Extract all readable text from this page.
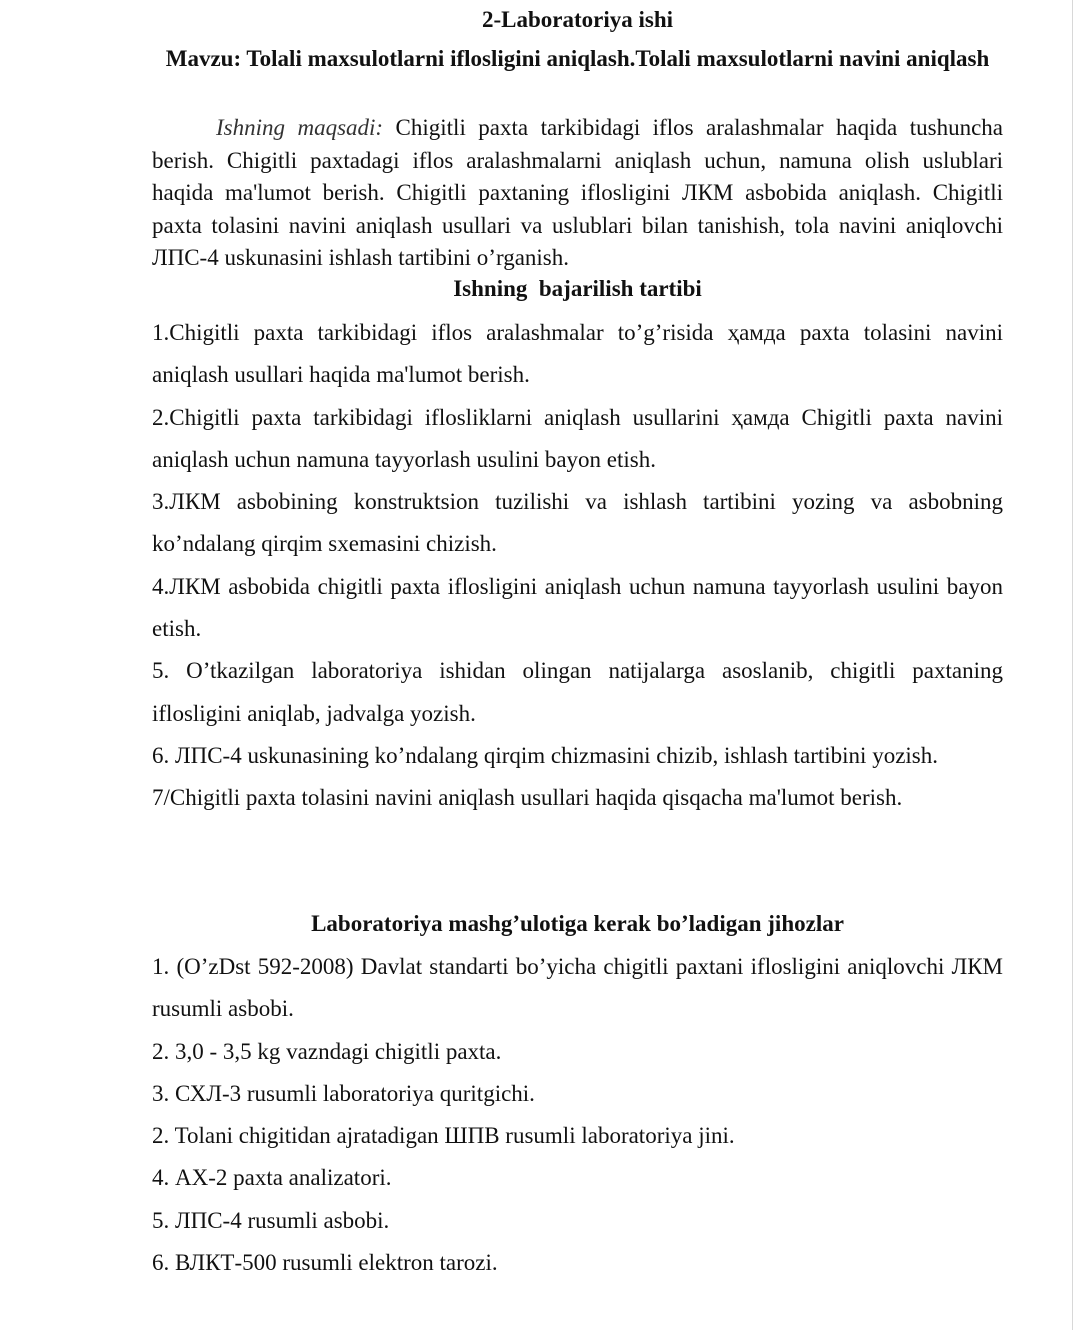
2-Laboratoriya ishi
Mavzu: Tolali maxsulotlarni iflosligini aniqlash.Tolali maxsulotlarni navini aniqlash

Ishning maqsadi: Chigitli paxta tarkibidagi iflos aralashmalar haqida tushuncha berish. Chigitli paxtadagi iflos aralashmalarni aniqlash uchun, namuna olish uslublari haqida ma'lumot berish. Chigitli paxtaning iflosligini ЛКМ asbobida aniqlash. Chigitli paxta tolasini navini aniqlash usullari va uslublari bilan tanishish, tola navini aniqlovchi ЛПС-4 uskunasini ishlash tartibini o’rganish.

Ishning  bajarilish tartibi
1.Chigitli paxta tarkibidagi iflos aralashmalar to’g’risida ҳамда paxta tolasini navini aniqlash usullari haqida ma'lumot berish.
2.Chigitli paxta tarkibidagi iflosliklarni aniqlash usullarini ҳамда Chigitli paxta navini aniqlash uchun namuna tayyorlash usulini bayon etish.
3.ЛКМ asbobining konstruktsion tuzilishi va ishlash tartibini yozing va asbobning ko’ndalang qirqim sxemasini chizish.
4.ЛКМ asbobida chigitli paxta iflosligini aniqlash uchun namuna tayyorlash usulini bayon etish.
5. O’tkazilgan laboratoriya ishidan olingan natijalarga asoslanib, chigitli paxtaning iflosligini aniqlab, jadvalga yozish.
6. ЛПС-4 uskunasining ko’ndalang qirqim chizmasini chizib, ishlash tartibini yozish.
7/Chigitli paxta tolasini navini aniqlash usullari haqida qisqacha ma'lumot berish.
Laboratoriya mashg’ulotiga kerak bo’ladigan jihozlar
1. (O’zDst 592-2008) Davlat standarti bo’yicha chigitli paxtani iflosligini aniqlovchi ЛКМ rusumli asbobi.
2. 3,0 - 3,5 kg vazndagi chigitli paxta.
3. СХЛ-3 rusumli laboratoriya quritgichi.
2. Tolani chigitidan ajratadigan ШПВ rusumli laboratoriya jini.
4. АХ-2 paxta analizatori.
5. ЛПС-4 rusumli asbobi.
6. ВЛКТ-500 rusumli elektron tarozi.
